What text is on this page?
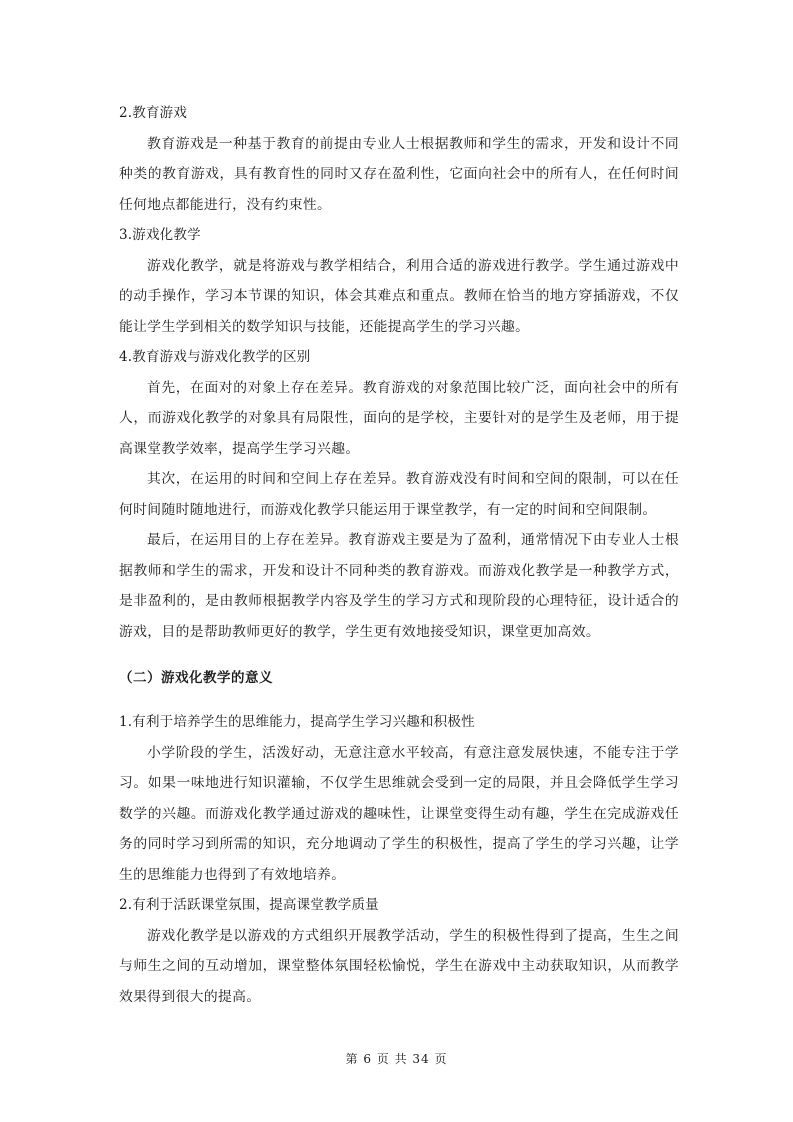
2.教育游戏

教育游戏是一种基于教育的前提由专业人士根据教师和学生的需求，开发和设计不同种类的教育游戏，具有教育性的同时又存在盈利性，它面向社会中的所有人，在任何时间任何地点都能进行，没有约束性。

3.游戏化教学

游戏化教学，就是将游戏与教学相结合，利用合适的游戏进行教学。学生通过游戏中的动手操作，学习本节课的知识，体会其难点和重点。教师在恰当的地方穿插游戏，不仅能让学生学到相关的数学知识与技能，还能提高学生的学习兴趣。

4.教育游戏与游戏化教学的区别

首先，在面对的对象上存在差异。教育游戏的对象范围比较广泛，面向社会中的所有人，而游戏化教学的对象具有局限性，面向的是学校，主要针对的是学生及老师，用于提高课堂教学效率，提高学生学习兴趣。

其次，在运用的时间和空间上存在差异。教育游戏没有时间和空间的限制，可以在任何时间随时随地进行，而游戏化教学只能运用于课堂教学，有一定的时间和空间限制。

最后，在运用目的上存在差异。教育游戏主要是为了盈利，通常情况下由专业人士根据教师和学生的需求，开发和设计不同种类的教育游戏。而游戏化教学是一种教学方式，是非盈利的，是由教师根据教学内容及学生的学习方式和现阶段的心理特征，设计适合的游戏，目的是帮助教师更好的教学，学生更有效地接受知识，课堂更加高效。

（二）游戏化教学的意义
1.有利于培养学生的思维能力，提高学生学习兴趣和积极性

小学阶段的学生，活泼好动，无意注意水平较高，有意注意发展快速，不能专注于学习。如果一味地进行知识灌输，不仅学生思维就会受到一定的局限，并且会降低学生学习数学的兴趣。而游戏化教学通过游戏的趣味性，让课堂变得生动有趣，学生在完成游戏任务的同时学习到所需的知识，充分地调动了学生的积极性，提高了学生的学习兴趣，让学生的思维能力也得到了有效地培养。

2.有利于活跃课堂氛围，提高课堂教学质量

游戏化教学是以游戏的方式组织开展教学活动，学生的积极性得到了提高，生生之间与师生之间的互动增加，课堂整体氛围轻松愉悦，学生在游戏中主动获取知识，从而教学效果得到很大的提高。

第 6 页 共 34 页
